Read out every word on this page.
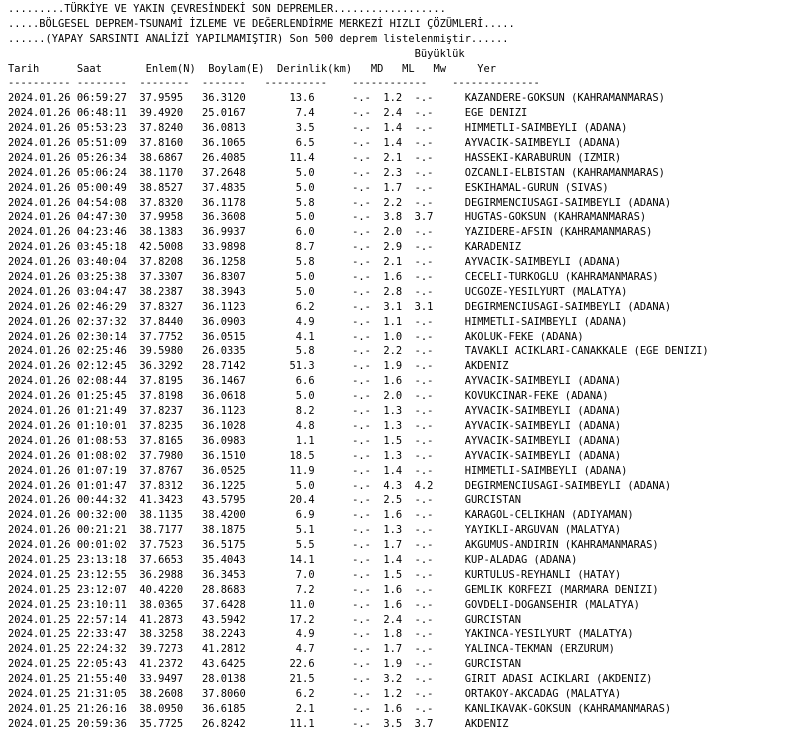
.........TÜRKİYE VE YAKIN ÇEVRESİNDEKİ SON DEPREMLER..................
.....BÖLGESEL DEPREM-TSUNAMİ İZLEME VE DEĞERLENDİRME MERKEZİ HIZLI ÇÖZÜMLERİ.....
......(YAPAY SARSINTI ANALİZİ YAPILMAMIŞTIR) Son 500 deprem listelenmiştir......
Büyüklük
Tarih      Saat       Enlem(N)  Boylam(E)  Derinlik(km)   MD   ML   Mw     Yer
---------- --------  --------  -------   ----------    ------------    --------------
2024.01.26 06:59:27  37.9595   36.3120       13.6      -.-  1.2  -.-     KAZANDERE-GOKSUN (KAHRAMANMARAS)
2024.01.26 06:48:11  39.4920   25.0167        7.4      -.-  2.4  -.-     EGE DENIZI
2024.01.26 05:53:23  37.8240   36.0813        3.5      -.-  1.4  -.-     HIMMETLI-SAIMBEYLI (ADANA)
2024.01.26 05:51:09  37.8160   36.1065        6.5      -.-  1.4  -.-     AYVACIK-SAIMBEYLI (ADANA)
2024.01.26 05:26:34  38.6867   26.4085       11.4      -.-  2.1  -.-     HASSEKI-KARABURUN (IZMIR)
2024.01.26 05:06:24  38.1170   37.2648        5.0      -.-  2.3  -.-     OZCANLI-ELBISTAN (KAHRAMANMARAS)
2024.01.26 05:00:49  38.8527   37.4835        5.0      -.-  1.7  -.-     ESKIHAMAL-GURUN (SIVAS)
2024.01.26 04:54:08  37.8320   36.1178        5.8      -.-  2.2  -.-     DEGIRMENCIUSAGI-SAIMBEYLI (ADANA)
2024.01.26 04:47:30  37.9958   36.3608        5.0      -.-  3.8  3.7     HUGTAS-GOKSUN (KAHRAMANMARAS)
2024.01.26 04:23:46  38.1383   36.9937        6.0      -.-  2.0  -.-     YAZIDERE-AFSIN (KAHRAMANMARAS)
2024.01.26 03:45:18  42.5008   33.9898        8.7      -.-  2.9  -.-     KARADENIZ
2024.01.26 03:40:04  37.8208   36.1258        5.8      -.-  2.1  -.-     AYVACIK-SAIMBEYLI (ADANA)
2024.01.26 03:25:38  37.3307   36.8307        5.0      -.-  1.6  -.-     CECELI-TURKOGLU (KAHRAMANMARAS)
2024.01.26 03:04:47  38.2387   38.3943        5.0      -.-  2.8  -.-     UCGOZE-YESILYURT (MALATYA)
2024.01.26 02:46:29  37.8327   36.1123        6.2      -.-  3.1  3.1     DEGIRMENCIUSAGI-SAIMBEYLI (ADANA)
2024.01.26 02:37:32  37.8440   36.0903        4.9      -.-  1.1  -.-     HIMMETLI-SAIMBEYLI (ADANA)
2024.01.26 02:30:14  37.7752   36.0515        4.1      -.-  1.0  -.-     AKOLUK-FEKE (ADANA)
2024.01.26 02:25:46  39.5980   26.0335        5.8      -.-  2.2  -.-     TAVAKLI ACIKLARI-CANAKKALE (EGE DENIZI)
2024.01.26 02:12:45  36.3292   28.7142       51.3      -.-  1.9  -.-     AKDENIZ
2024.01.26 02:08:44  37.8195   36.1467        6.6      -.-  1.6  -.-     AYVACIK-SAIMBEYLI (ADANA)
2024.01.26 01:25:45  37.8198   36.0618        5.0      -.-  2.0  -.-     KOVUKCINAR-FEKE (ADANA)
2024.01.26 01:21:49  37.8237   36.1123        8.2      -.-  1.3  -.-     AYVACIK-SAIMBEYLI (ADANA)
2024.01.26 01:10:01  37.8235   36.1028        4.8      -.-  1.3  -.-     AYVACIK-SAIMBEYLI (ADANA)
2024.01.26 01:08:53  37.8165   36.0983        1.1      -.-  1.5  -.-     AYVACIK-SAIMBEYLI (ADANA)
2024.01.26 01:08:02  37.7980   36.1510       18.5      -.-  1.3  -.-     AYVACIK-SAIMBEYLI (ADANA)
2024.01.26 01:07:19  37.8767   36.0525       11.9      -.-  1.4  -.-     HIMMETLI-SAIMBEYLI (ADANA)
2024.01.26 01:01:47  37.8312   36.1225        5.0      -.-  4.3  4.2     DEGIRMENCIUSAGI-SAIMBEYLI (ADANA)
2024.01.26 00:44:32  41.3423   43.5795       20.4      -.-  2.5  -.-     GURCISTAN
2024.01.26 00:32:00  38.1135   38.4200        6.9      -.-  1.6  -.-     KARAGOL-CELIKHAN (ADIYAMAN)
2024.01.26 00:21:21  38.7177   38.1875        5.1      -.-  1.3  -.-     YAYIKLI-ARGUVAN (MALATYA)
2024.01.26 00:01:02  37.7523   36.5175        5.5      -.-  1.7  -.-     AKGUMUS-ANDIRIN (KAHRAMANMARAS)
2024.01.25 23:13:18  37.6653   35.4043       14.1      -.-  1.4  -.-     KUP-ALADAG (ADANA)
2024.01.25 23:12:55  36.2988   36.3453        7.0      -.-  1.5  -.-     KURTULUS-REYHANLI (HATAY)
2024.01.25 23:12:07  40.4220   28.8683        7.2      -.-  1.6  -.-     GEMLIK KORFEZI (MARMARA DENIZI)
2024.01.25 23:10:11  38.0365   37.6428       11.0      -.-  1.6  -.-     GOVDELI-DOGANSEHIR (MALATYA)
2024.01.25 22:57:14  41.2873   43.5942       17.2      -.-  2.4  -.-     GURCISTAN
2024.01.25 22:33:47  38.3258   38.2243        4.9      -.-  1.8  -.-     YAKINCA-YESILYURT (MALATYA)
2024.01.25 22:24:32  39.7273   41.2812        4.7      -.-  1.7  -.-     YALINCA-TEKMAN (ERZURUM)
2024.01.25 22:05:43  41.2372   43.6425       22.6      -.-  1.9  -.-     GURCISTAN
2024.01.25 21:55:40  33.9497   28.0138       21.5      -.-  3.2  -.-     GIRIT ADASI ACIKLARI (AKDENIZ)
2024.01.25 21:31:05  38.2608   37.8060        6.2      -.-  1.2  -.-     ORTAKOY-AKCADAG (MALATYA)
2024.01.25 21:26:16  38.0950   36.6185        2.1      -.-  1.6  -.-     KANLIKAVAK-GOKSUN (KAHRAMANMARAS)
2024.01.25 20:59:36  35.7725   26.8242       11.1      -.-  3.5  3.7     AKDENIZ
